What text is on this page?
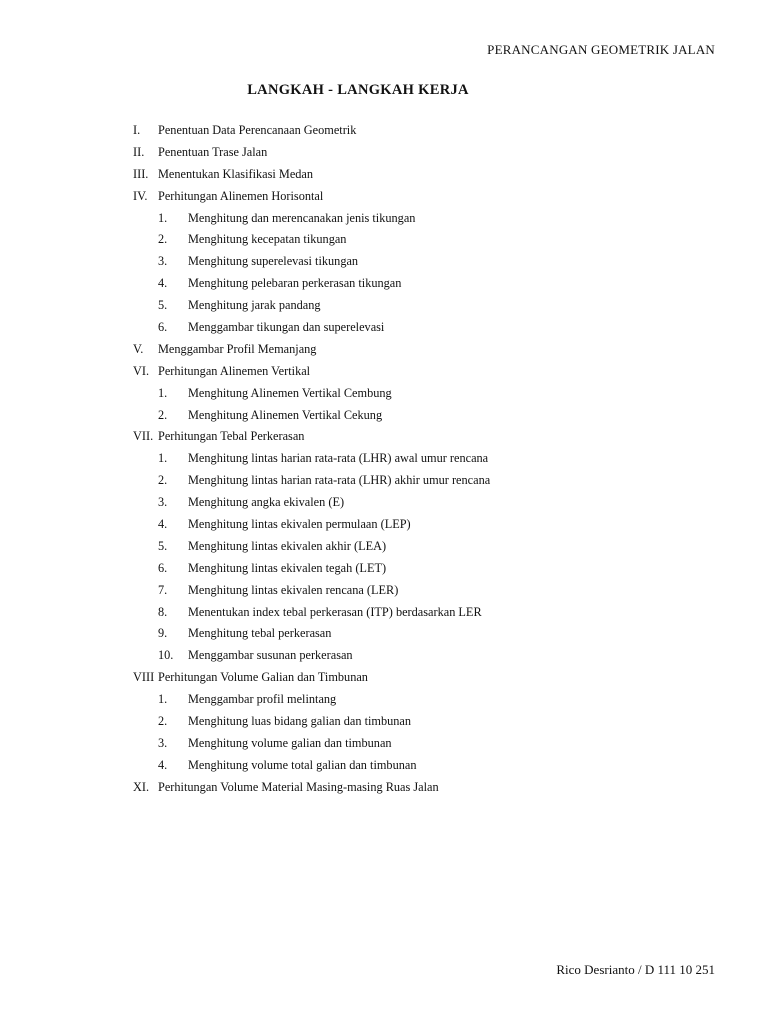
PERANCANGAN GEOMETRIK JALAN
LANGKAH - LANGKAH KERJA
I. Penentuan Data Perencanaan Geometrik
II. Penentuan Trase Jalan
III. Menentukan Klasifikasi Medan
IV. Perhitungan Alinemen Horisontal
1. Menghitung dan merencanakan jenis tikungan
2. Menghitung kecepatan tikungan
3. Menghitung superelevasi tikungan
4. Menghitung pelebaran perkerasan tikungan
5. Menghitung jarak pandang
6. Menggambar tikungan dan superelevasi
V. Menggambar Profil Memanjang
VI. Perhitungan Alinemen Vertikal
1. Menghitung Alinemen Vertikal Cembung
2. Menghitung Alinemen Vertikal Cekung
VII. Perhitungan Tebal Perkerasan
1. Menghitung lintas harian rata-rata (LHR) awal umur rencana
2. Menghitung lintas harian rata-rata (LHR) akhir umur rencana
3. Menghitung angka ekivalen (E)
4. Menghitung lintas ekivalen permulaan (LEP)
5. Menghitung lintas ekivalen akhir (LEA)
6. Menghitung lintas ekivalen tegah (LET)
7. Menghitung lintas ekivalen rencana (LER)
8. Menentukan index tebal perkerasan (ITP) berdasarkan LER
9. Menghitung tebal perkerasan
10. Menggambar susunan perkerasan
VIII Perhitungan Volume Galian dan Timbunan
1. Menggambar profil melintang
2. Menghitung luas bidang galian dan timbunan
3. Menghitung volume galian dan timbunan
4. Menghitung volume total galian dan timbunan
XI. Perhitungan Volume Material Masing-masing Ruas Jalan
Rico Desrianto / D 111 10 251
